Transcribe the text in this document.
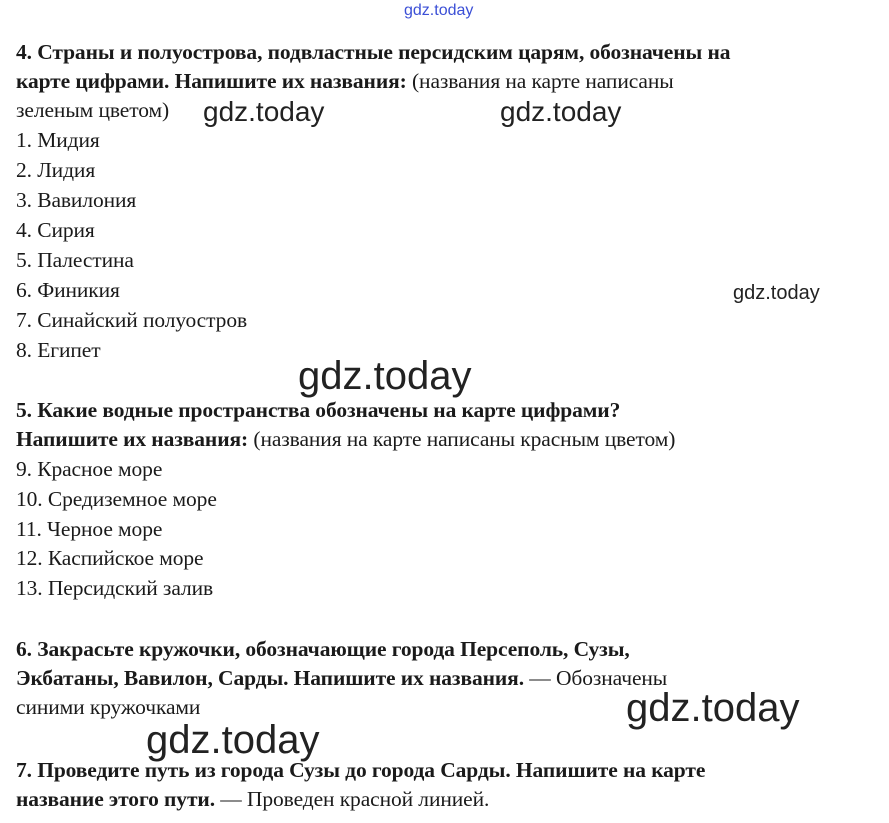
gdz.today
gdz.today	gdz.today
gdz.today
gdz.today
gdz.today
gdz.today
4. Страны и полуострова, подвластные персидским царям, обозначены на
карте цифрами. Напишите их названия: (названия на карте написаны
зеленым цветом)
1. Мидия
2. Лидия
3. Вавилония
4. Сирия
5. Палестина
6. Финикия
7. Синайский полуостров
8. Египет
5. Какие водные пространства обозначены на карте цифрами?
Напишите их названия: (названия на карте написаны красным цветом)
9. Красное море
10. Средиземное море
11. Черное море
12. Каспийское море
13. Персидский залив
6. Закрасьте кружочки, обозначающие города Персеполь, Сузы,
Экбатаны, Вавилон, Сарды. Напишите их названия. — Обозначены
синими кружочками
7. Проведите путь из города Сузы до города Сарды. Напишите на карте
название этого пути. — Проведен красной линией.
